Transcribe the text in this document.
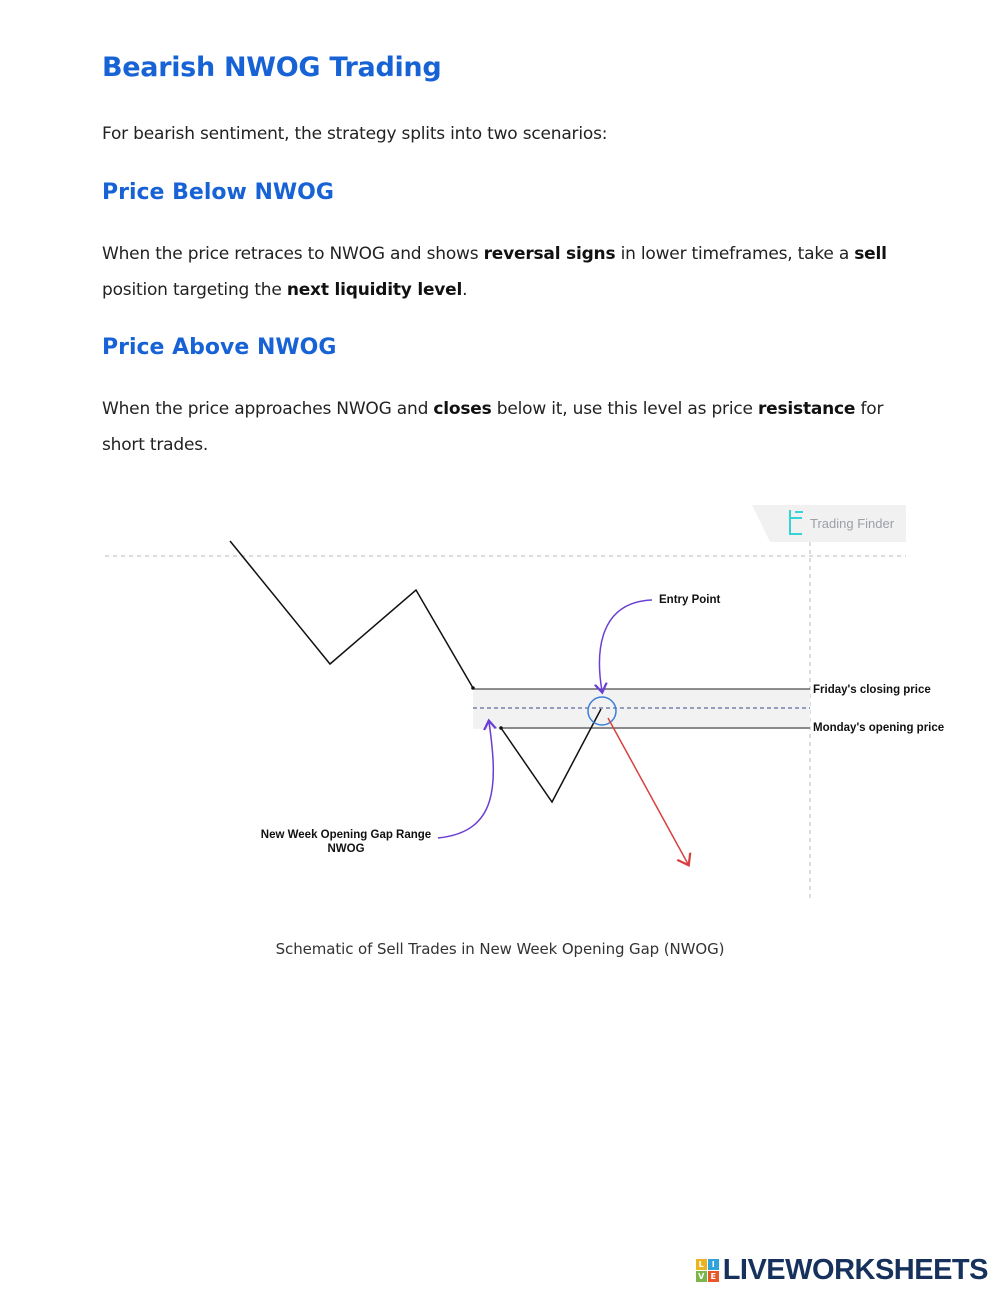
Bearish NWOG Trading

For bearish sentiment, the strategy splits into two scenarios:

Price Below NWOG

When the price retraces to NWOG and shows reversal signs in lower timeframes, take a sell position targeting the next liquidity level.

Price Above NWOG

When the price approaches NWOG and closes below it, use this level as price resistance for short trades.

Trading Finder
Entry Point
New Week Opening Gap Range
NWOG
Friday's closing price
Monday's opening price
Schematic of Sell Trades in New Week Opening Gap (NWOG)
L I
V E LIVEWORKSHEETS
